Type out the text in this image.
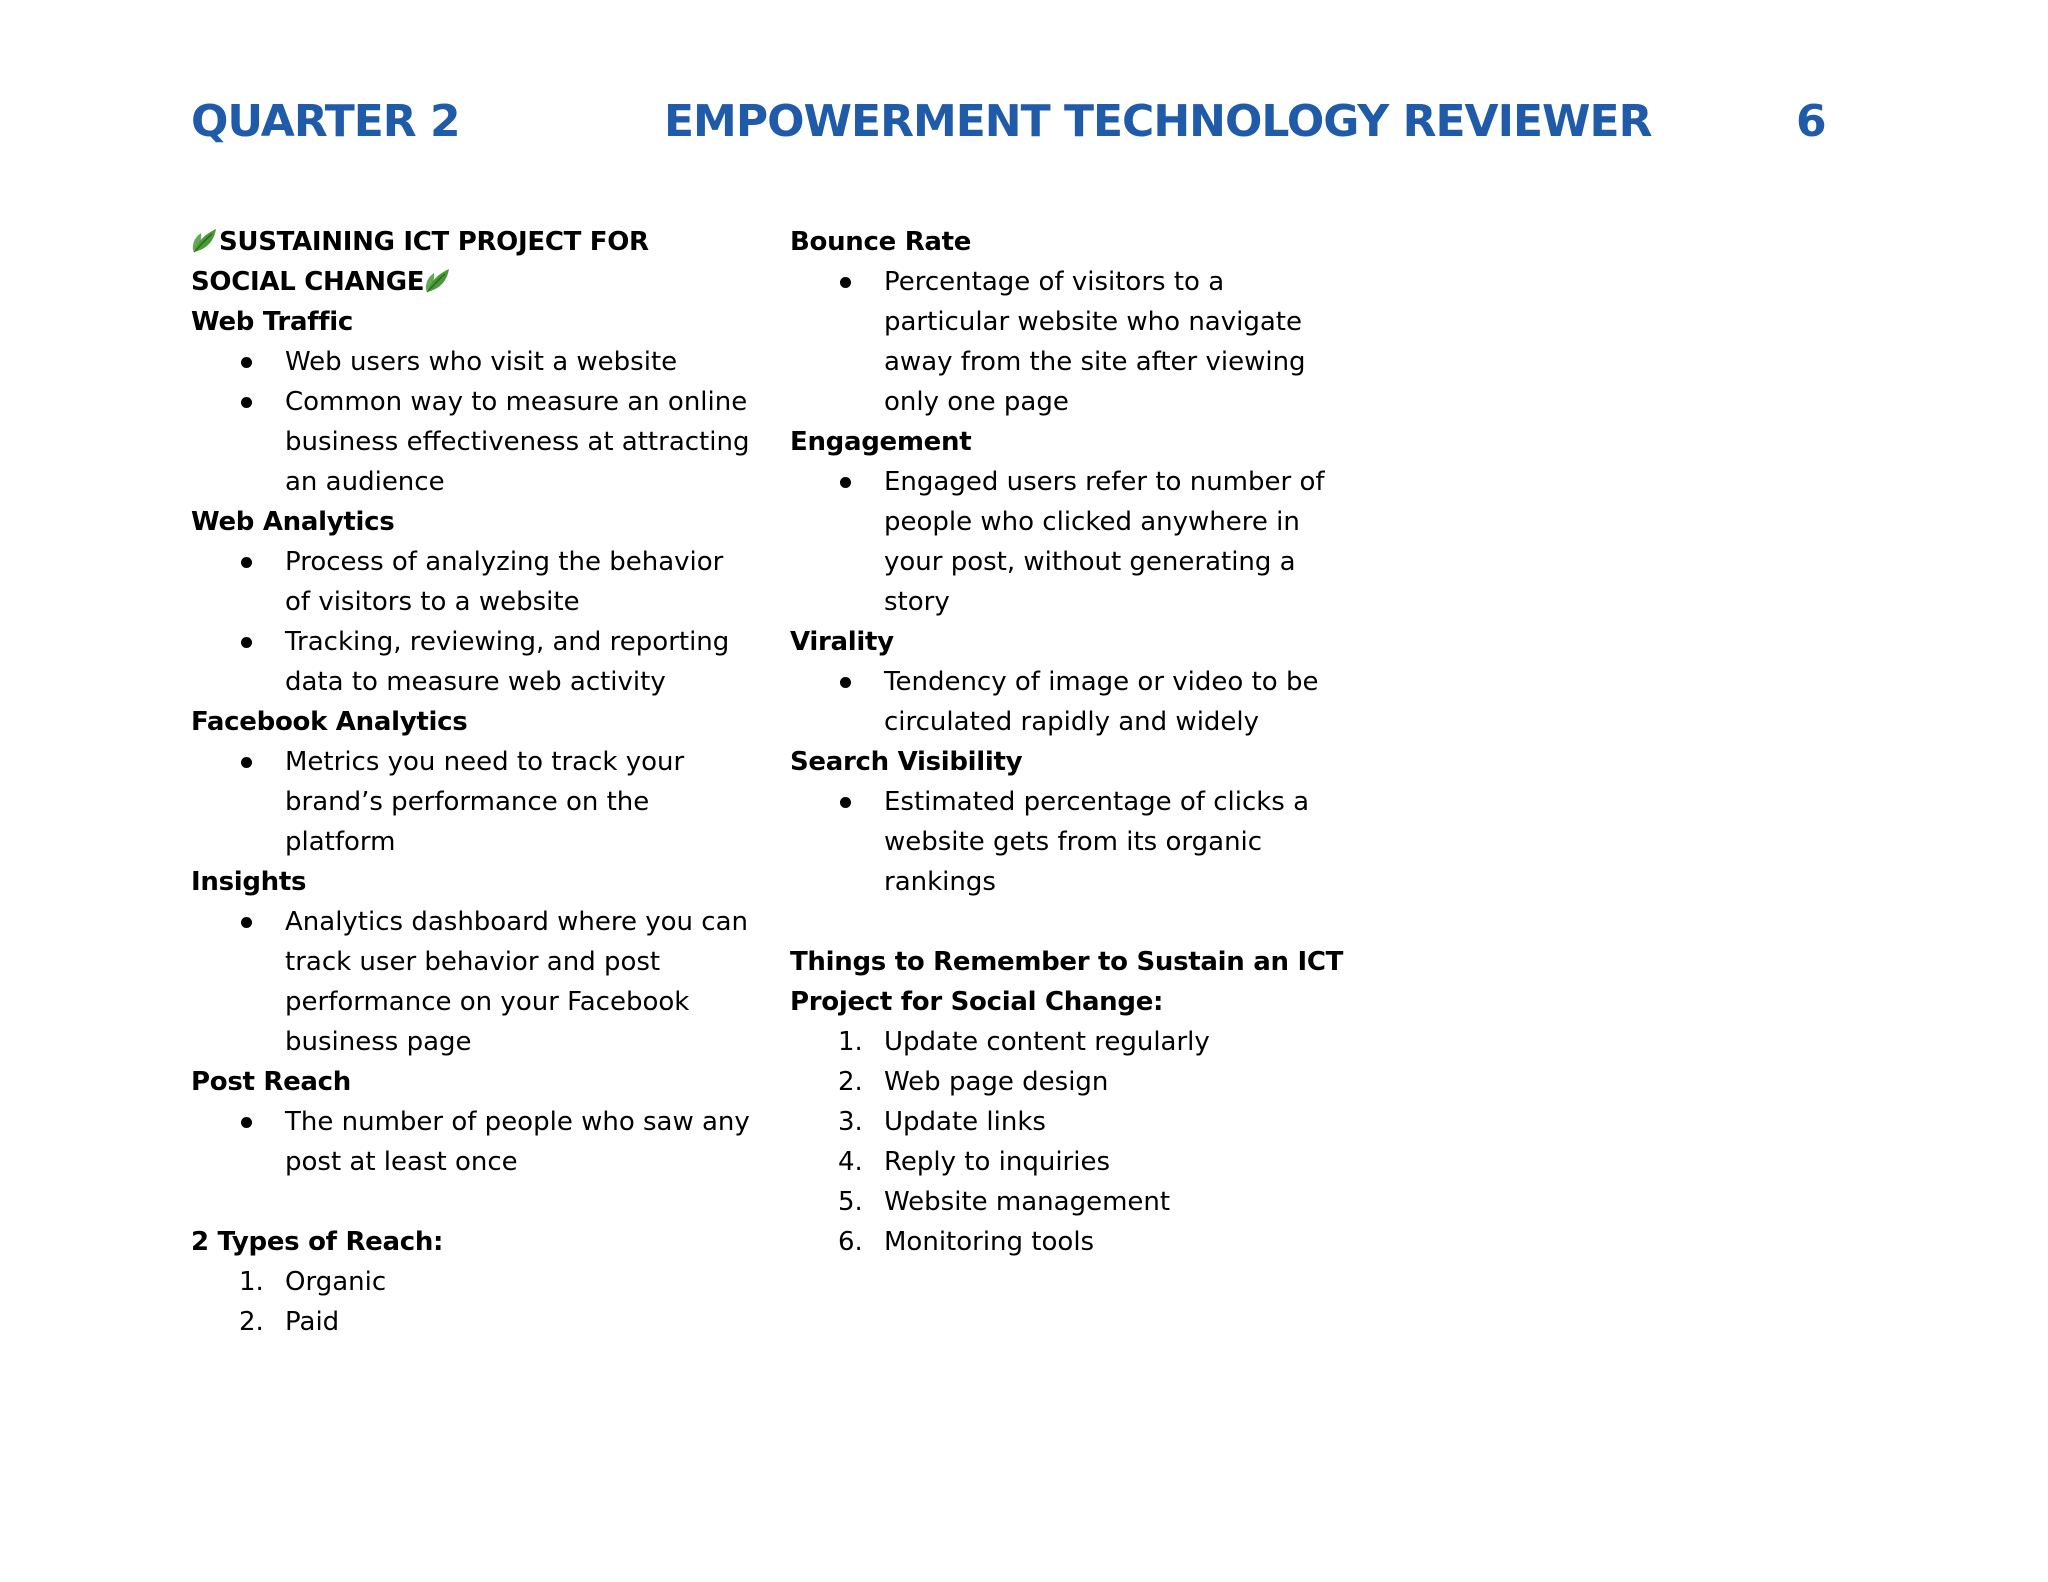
QUARTER 2	EMPOWERMENT TECHNOLOGY REVIEWER	6
SUSTAINING ICT PROJECT FOR
SOCIAL CHANGE
Web Traffic
Web users who visit a website
Common way to measure an online business effectiveness at attracting an audience
Web Analytics
Process of analyzing the behavior of visitors to a website
Tracking, reviewing, and reporting data to measure web activity
Facebook Analytics
Metrics you need to track your brand’s performance on the platform
Insights
Analytics dashboard where you can track user behavior and post performance on your Facebook business page
Post Reach
The number of people who saw any post at least once
2 Types of Reach:
1. Organic
2. Paid
Bounce Rate
Percentage of visitors to a particular website who navigate away from the site after viewing only one page
Engagement
Engaged users refer to number of people who clicked anywhere in your post, without generating a story
Virality
Tendency of image or video to be circulated rapidly and widely
Search Visibility
Estimated percentage of clicks a website gets from its organic rankings
Things to Remember to Sustain an ICT
Project for Social Change:
1. Update content regularly
2. Web page design
3. Update links
4. Reply to inquiries
5. Website management
6. Monitoring tools
